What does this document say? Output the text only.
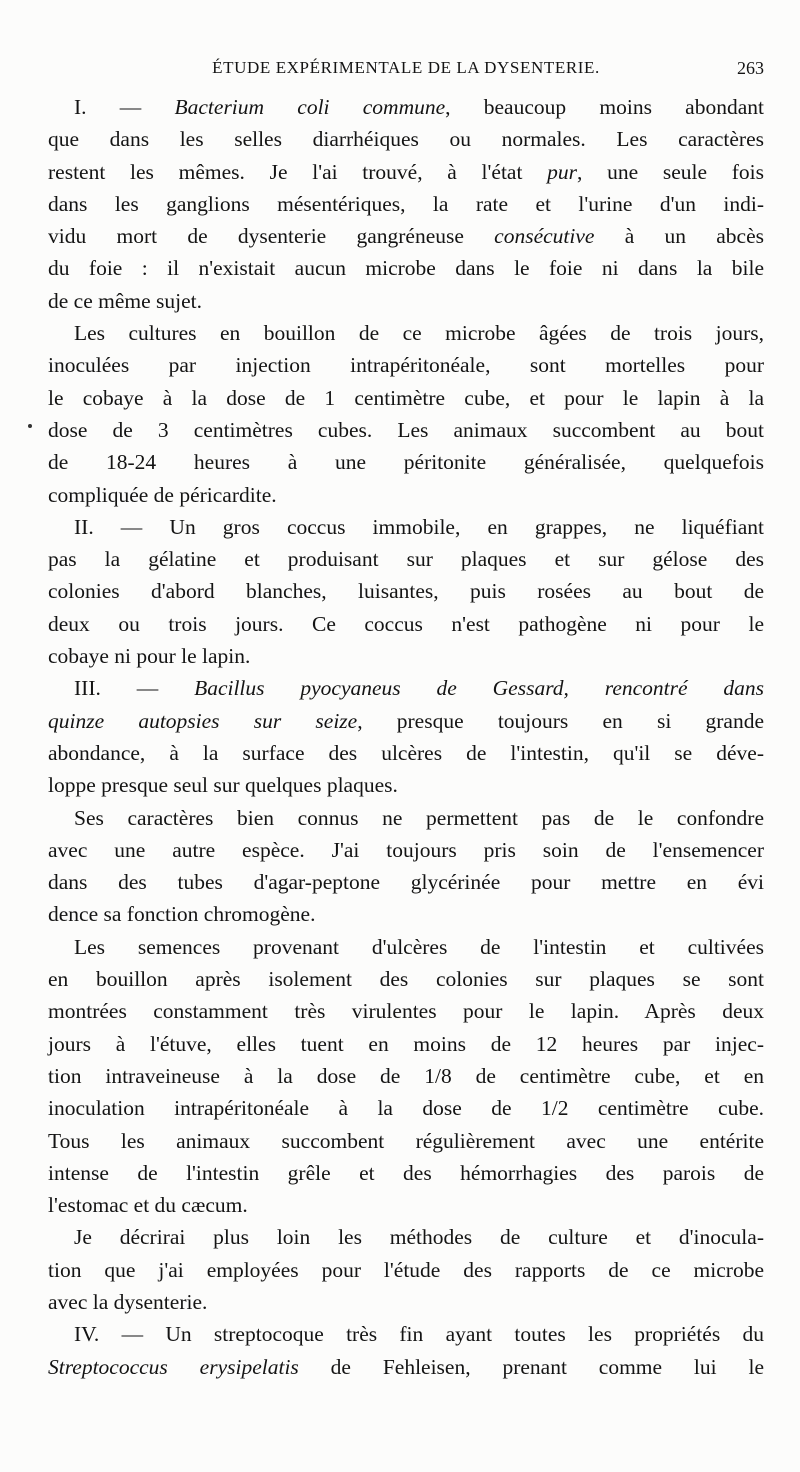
ÉTUDE EXPÉRIMENTALE DE LA DYSENTERIE.	263
I. — Bacterium coli commune, beaucoup moins abondant
que dans les selles diarrhéiques ou normales. Les caractères
restent les mêmes. Je l'ai trouvé, à l'état pur, une seule fois
dans les ganglions mésentériques, la rate et l'urine d'un indi-
vidu mort de dysenterie gangréneuse consécutive à un abcès
du foie : il n'existait aucun microbe dans le foie ni dans la bile
de ce même sujet.
Les cultures en bouillon de ce microbe âgées de trois jours,
inoculées par injection intrapéritonéale, sont mortelles pour
le cobaye à la dose de 1 centimètre cube, et pour le lapin à la
dose de 3 centimètres cubes. Les animaux succombent au bout
de 18-24 heures à une péritonite généralisée, quelquefois
compliquée de péricardite.
II. — Un gros coccus immobile, en grappes, ne liquéfiant
pas la gélatine et produisant sur plaques et sur gélose des
colonies d'abord blanches, luisantes, puis rosées au bout de
deux ou trois jours. Ce coccus n'est pathogène ni pour le
cobaye ni pour le lapin.
III. — Bacillus pyocyaneus de Gessard, rencontré dans
quinze autopsies sur seize, presque toujours en si grande
abondance, à la surface des ulcères de l'intestin, qu'il se déve-
loppe presque seul sur quelques plaques.
Ses caractères bien connus ne permettent pas de le confondre
avec une autre espèce. J'ai toujours pris soin de l'ensemencer
dans des tubes d'agar-peptone glycérinée pour mettre en évi
dence sa fonction chromogène.
Les semences provenant d'ulcères de l'intestin et cultivées
en bouillon après isolement des colonies sur plaques se sont
montrées constamment très virulentes pour le lapin. Après deux
jours à l'étuve, elles tuent en moins de 12 heures par injec-
tion intraveineuse à la dose de 1/8 de centimètre cube, et en
inoculation intrapéritonéale à la dose de 1/2 centimètre cube.
Tous les animaux succombent régulièrement avec une entérite
intense de l'intestin grêle et des hémorrhagies des parois de
l'estomac et du cæcum.
Je décrirai plus loin les méthodes de culture et d'inocula-
tion que j'ai employées pour l'étude des rapports de ce microbe
avec la dysenterie.
IV. — Un streptocoque très fin ayant toutes les propriétés du
Streptococcus erysipelatis de Fehleisen, prenant comme lui le
